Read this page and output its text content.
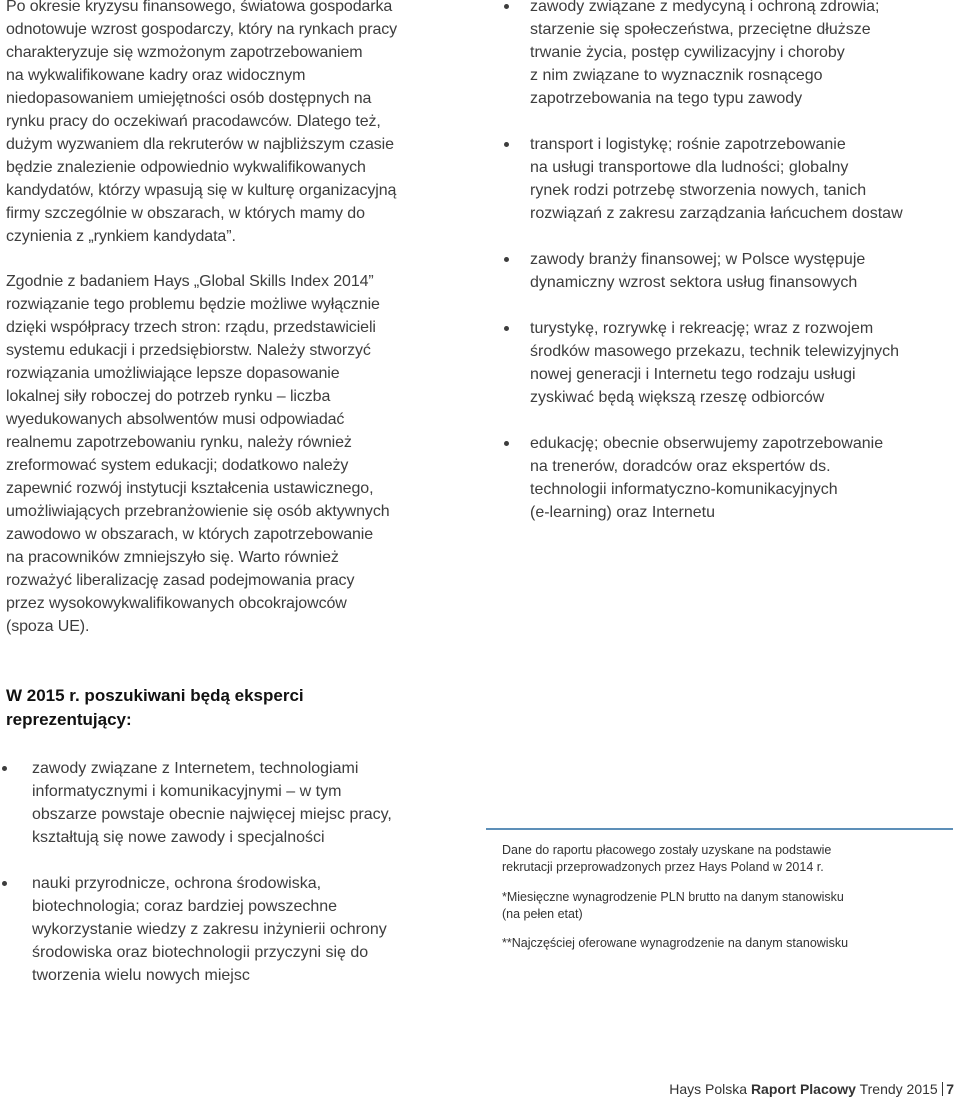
Po okresie kryzysu finansowego, światowa gospodarka
odnotowuje wzrost gospodarczy, który na rynkach pracy
charakteryzuje się wzmożonym zapotrzebowaniem
na wykwalifikowane kadry oraz widocznym
niedopasowaniem umiejętności osób dostępnych na
rynku pracy do oczekiwań pracodawców. Dlatego też,
dużym wyzwaniem dla rekruterów w najbliższym czasie
będzie znalezienie odpowiednio wykwalifikowanych
kandydatów, którzy wpasują się w kulturę organizacyjną
firmy szczególnie w obszarach, w których mamy do
czynienia z „rynkiem kandydata”.

Zgodnie z badaniem Hays „Global Skills Index 2014”
rozwiązanie tego problemu będzie możliwe wyłącznie
dzięki współpracy trzech stron: rządu, przedstawicieli
systemu edukacji i przedsiębiorstw. Należy stworzyć
rozwiązania umożliwiające lepsze dopasowanie
lokalnej siły roboczej do potrzeb rynku – liczba
wyedukowanych absolwentów musi odpowiadać
realnemu zapotrzebowaniu rynku, należy również
zreformować system edukacji; dodatkowo należy
zapewnić rozwój instytucji kształcenia ustawicznego,
umożliwiających przebranżowienie się osób aktywnych
zawodowo w obszarach, w których zapotrzebowanie
na pracowników zmniejszyło się. Warto również
rozważyć liberalizację zasad podejmowania pracy
przez wysokowykwalifikowanych obcokrajowców
(spoza UE).

zawody związane z medycyną i ochroną zdrowia;
starzenie się społeczeństwa, przeciętne dłuższe
trwanie życia, postęp cywilizacyjny i choroby
z nim związane to wyznacznik rosnącego
zapotrzebowania na tego typu zawody
transport i logistykę; rośnie zapotrzebowanie
na usługi transportowe dla ludności; globalny
rynek rodzi potrzebę stworzenia nowych, tanich
rozwiązań z zakresu zarządzania łańcuchem dostaw
zawody branży finansowej; w Polsce występuje
dynamiczny wzrost sektora usług finansowych
turystykę, rozrywkę i rekreację; wraz z rozwojem
środków masowego przekazu, technik telewizyjnych
nowej generacji i Internetu tego rodzaju usługi
zyskiwać będą większą rzeszę odbiorców
edukację; obecnie obserwujemy zapotrzebowanie
na trenerów, doradców oraz ekspertów ds.
technologii informatyczno-komunikacyjnych
(e-learning) oraz Internetu
W 2015 r. poszukiwani będą eksperci
reprezentujący:
zawody związane z Internetem, technologiami
informatycznymi i komunikacyjnymi – w tym
obszarze powstaje obecnie najwięcej miejsc pracy,
kształtują się nowe zawody i specjalności
nauki przyrodnicze, ochrona środowiska,
biotechnologia; coraz bardziej powszechne
wykorzystanie wiedzy z zakresu inżynierii ochrony
środowiska oraz biotechnologii przyczyni się do
tworzenia wielu nowych miejsc

Dane do raportu płacowego zostały uzyskane na podstawie
rekrutacji przeprowadzonych przez Hays Poland w 2014 r.

*Miesięczne wynagrodzenie PLN brutto na danym stanowisku
(na pełen etat)

**Najczęściej oferowane wynagrodzenie na danym stanowisku

Hays Polska Raport Placowy Trendy 2015 7
